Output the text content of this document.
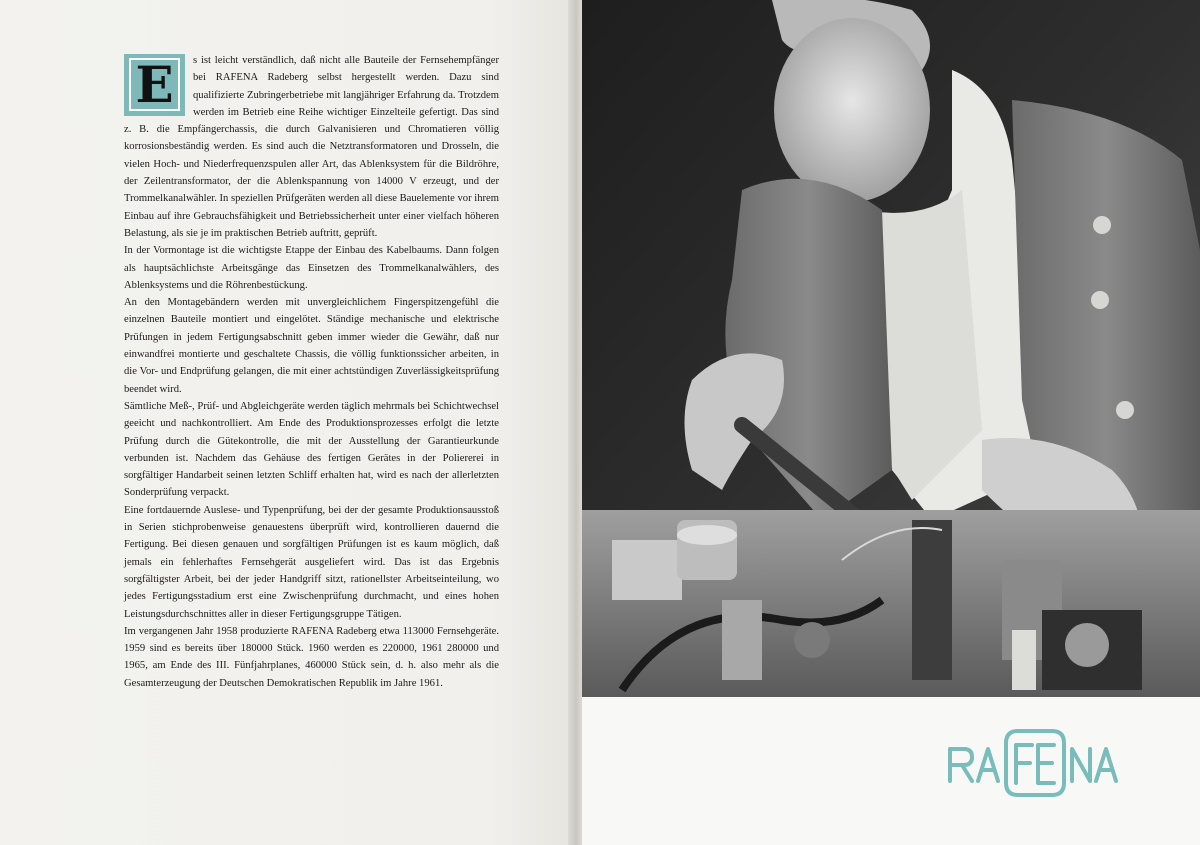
E	s ist leicht verständlich, daß nicht alle Bauteile der Fernsehempfänger bei RAFENA Radeberg selbst hergestellt werden. Dazu sind qualifizierte Zubringerbetriebe mit langjähriger Erfahrung da. Trotzdem werden im Betrieb eine Reihe wichtiger Einzelteile gefertigt. Das sind z. B. die Empfängerchassis, die durch Galvanisieren und Chromatieren völlig korrosionsbeständig werden. Es sind auch die Netztransformatoren und Drosseln, die vielen Hoch- und Niederfrequenzspulen aller Art, das Ablenksystem für die Bildröhre, der Zeilentransformator, der die Ablenkspannung von 14000 V erzeugt, und der Trommelkanalwähler. In speziellen Prüfgeräten werden all diese Bauelemente vor ihrem Einbau auf ihre Gebrauchsfähigkeit und Betriebssicherheit unter einer vielfach höheren Belastung, als sie je im praktischen Betrieb auftritt, geprüft.

In der Vormontage ist die wichtigste Etappe der Einbau des Kabelbaums. Dann folgen als hauptsächlichste Arbeitsgänge das Einsetzen des Trommelkanalwählers, des Ablenksystems und die Röhrenbestückung.

An den Montagebändern werden mit unvergleichlichem Fingerspitzengefühl die einzelnen Bauteile montiert und eingelötet. Ständige mechanische und elektrische Prüfungen in jedem Fertigungsabschnitt geben immer wieder die Gewähr, daß nur einwandfrei montierte und geschaltete Chassis, die völlig funktionssicher arbeiten, in die Vor- und Endprüfung gelangen, die mit einer achtstündigen Zuverlässigkeitsprüfung beendet wird.

Sämtliche Meß-, Prüf- und Abgleichgeräte werden täglich mehrmals bei Schichtwechsel geeicht und nachkontrolliert. Am Ende des Produktionsprozesses erfolgt die letzte Prüfung durch die Gütekontrolle, die mit der Ausstellung der Garantieurkunde verbunden ist. Nachdem das Gehäuse des fertigen Gerätes in der Poliererei in sorgfältiger Handarbeit seinen letzten Schliff erhalten hat, wird es nach der allerletzten Sonderprüfung verpackt.

Eine fortdauernde Auslese- und Typenprüfung, bei der der gesamte Produktionsausstoß in Serien stichprobenweise genauestens überprüft wird, kontrollieren dauernd die Fertigung. Bei diesen genauen und sorgfältigen Prüfungen ist es kaum möglich, daß jemals ein fehlerhaftes Fernsehgerät ausgeliefert wird. Das ist das Ergebnis sorgfältigster Arbeit, bei der jeder Handgriff sitzt, rationellster Arbeitseinteilung, wo jedes Fertigungsstadium erst eine Zwischenprüfung durchmacht, und eines hohen Leistungsdurchschnittes aller in dieser Fertigungsgruppe Tätigen.

Im vergangenen Jahr 1958 produzierte RAFENA Radeberg etwa 113000 Fernsehgeräte. 1959 sind es bereits über 180000 Stück. 1960 werden es 220000, 1961 280000 und 1965, am Ende des III. Fünfjahrplanes, 460000 Stück sein, d. h. also mehr als die Gesamterzeugung der Deutschen Demokratischen Republik im Jahre 1961.
